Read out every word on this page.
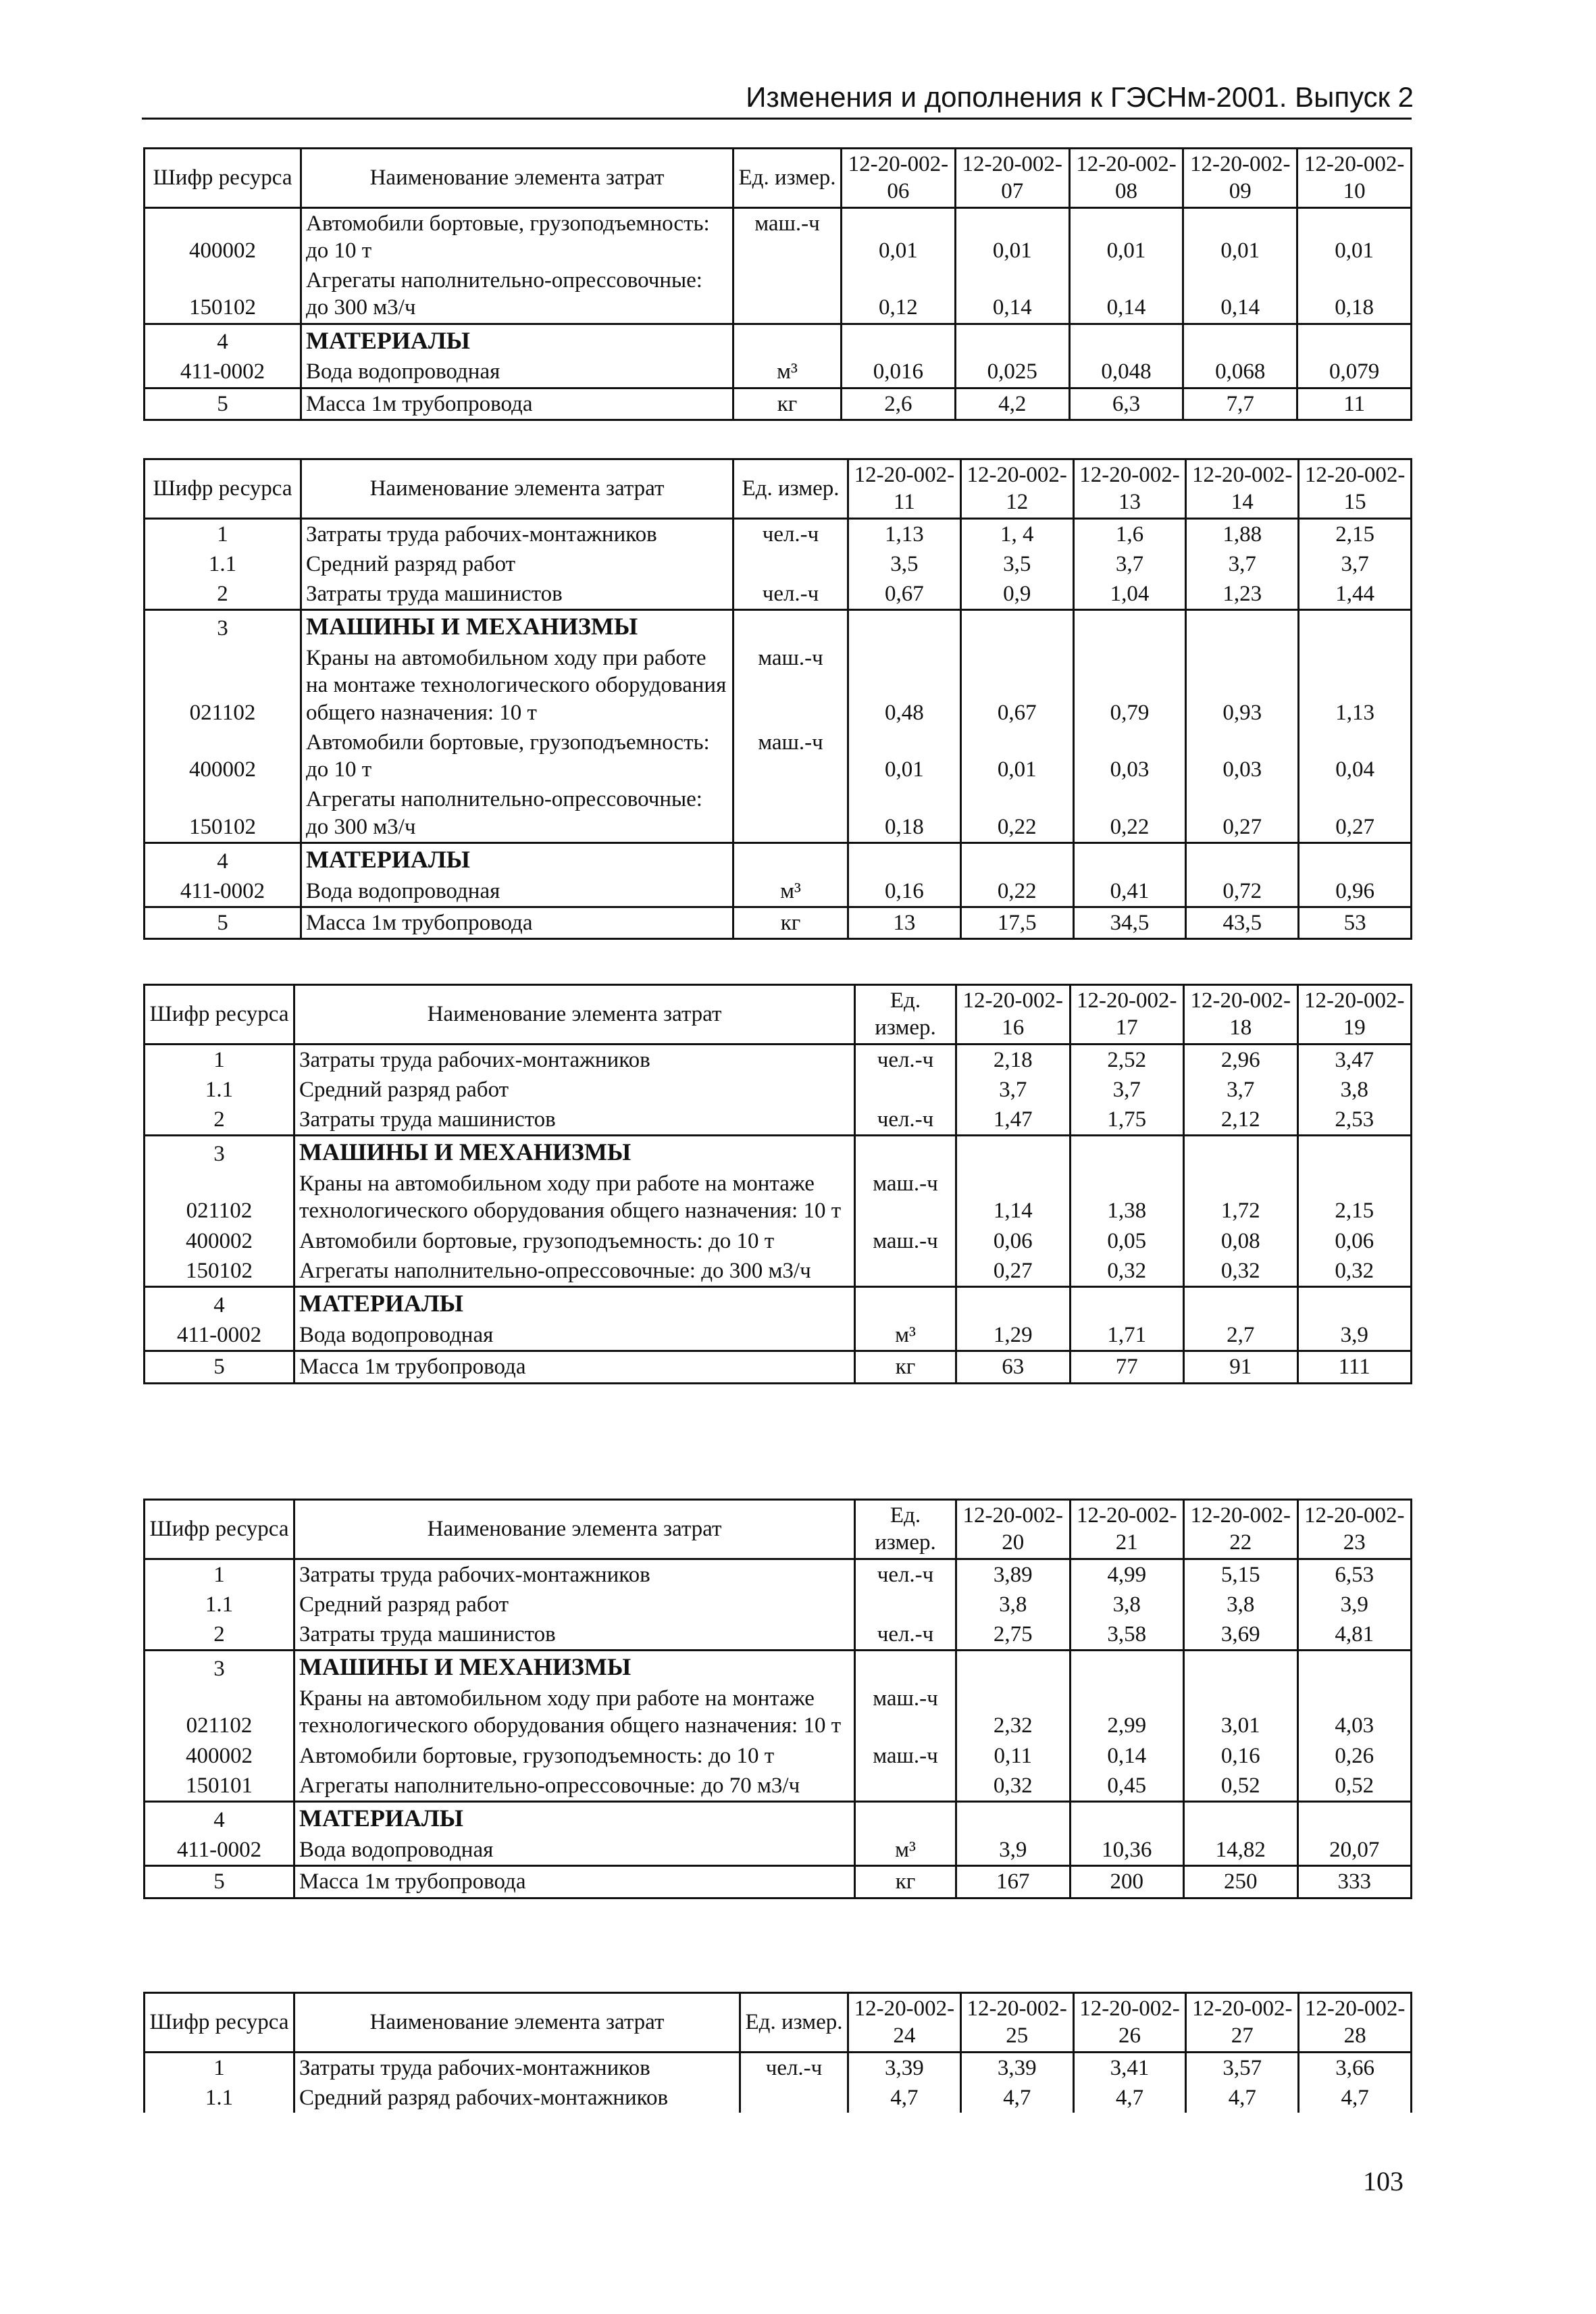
Изменения и дополнения к ГЭСНм-2001. Выпуск 2
Шифр ресурса	Наименование элемента затрат	Ед. измер.	12-20-002-06	12-20-002-07	12-20-002-08	12-20-002-09	12-20-002-10
400002	Автомобили бортовые, грузоподъемность: до 10 т	маш.-ч	0,01	0,01	0,01	0,01	0,01
150102	Агрегаты наполнительно-опрессовочные: до 300 м3/ч		0,12	0,14	0,14	0,14	0,18
4	МАТЕРИАЛЫ						
411-0002	Вода водопроводная	м³	0,016	0,025	0,048	0,068	0,079
5	Масса 1м трубопровода	кг	2,6	4,2	6,3	7,7	11
Шифр ресурса	Наименование элемента затрат	Ед. измер.	12-20-002-11	12-20-002-12	12-20-002-13	12-20-002-14	12-20-002-15
1	Затраты труда рабочих-монтажников	чел.-ч	1,13	1, 4	1,6	1,88	2,15
1.1	Средний разряд работ		3,5	3,5	3,7	3,7	3,7
2	Затраты труда машинистов	чел.-ч	0,67	0,9	1,04	1,23	1,44
3	МАШИНЫ И МЕХАНИЗМЫ						
021102	Краны на автомобильном ходу при работе на монтаже технологического оборудования общего назначения: 10 т	маш.-ч	0,48	0,67	0,79	0,93	1,13
400002	Автомобили бортовые, грузоподъемность: до 10 т	маш.-ч	0,01	0,01	0,03	0,03	0,04
150102	Агрегаты наполнительно-опрессовочные: до 300 м3/ч		0,18	0,22	0,22	0,27	0,27
4	МАТЕРИАЛЫ						
411-0002	Вода водопроводная	м³	0,16	0,22	0,41	0,72	0,96
5	Масса 1м трубопровода	кг	13	17,5	34,5	43,5	53
Шифр ресурса	Наименование элемента затрат	Ед. измер.	12-20-002-16	12-20-002-17	12-20-002-18	12-20-002-19
1	Затраты труда рабочих-монтажников	чел.-ч	2,18	2,52	2,96	3,47
1.1	Средний разряд работ		3,7	3,7	3,7	3,8
2	Затраты труда машинистов	чел.-ч	1,47	1,75	2,12	2,53
3	МАШИНЫ И МЕХАНИЗМЫ					
021102	Краны на автомобильном ходу при работе на монтаже технологического оборудования общего назначения: 10 т	маш.-ч	1,14	1,38	1,72	2,15
400002	Автомобили бортовые, грузоподъемность: до 10 т	маш.-ч	0,06	0,05	0,08	0,06
150102	Агрегаты наполнительно-опрессовочные: до 300 м3/ч		0,27	0,32	0,32	0,32
4	МАТЕРИАЛЫ					
411-0002	Вода водопроводная	м³	1,29	1,71	2,7	3,9
5	Масса 1м трубопровода	кг	63	77	91	111
Шифр ресурса	Наименование элемента затрат	Ед. измер.	12-20-002-20	12-20-002-21	12-20-002-22	12-20-002-23
1	Затраты труда рабочих-монтажников	чел.-ч	3,89	4,99	5,15	6,53
1.1	Средний разряд работ		3,8	3,8	3,8	3,9
2	Затраты труда машинистов	чел.-ч	2,75	3,58	3,69	4,81
3	МАШИНЫ И МЕХАНИЗМЫ					
021102	Краны на автомобильном ходу при работе на монтаже технологического оборудования общего назначения: 10 т	маш.-ч	2,32	2,99	3,01	4,03
400002	Автомобили бортовые, грузоподъемность: до 10 т	маш.-ч	0,11	0,14	0,16	0,26
150101	Агрегаты наполнительно-опрессовочные: до 70 м3/ч		0,32	0,45	0,52	0,52
4	МАТЕРИАЛЫ					
411-0002	Вода водопроводная	м³	3,9	10,36	14,82	20,07
5	Масса 1м трубопровода	кг	167	200	250	333
Шифр ресурса	Наименование элемента затрат	Ед. измер.	12-20-002-24	12-20-002-25	12-20-002-26	12-20-002-27	12-20-002-28
1	Затраты труда рабочих-монтажников	чел.-ч	3,39	3,39	3,41	3,57	3,66
1.1	Средний разряд рабочих-монтажников		4,7	4,7	4,7	4,7	4,7
103
